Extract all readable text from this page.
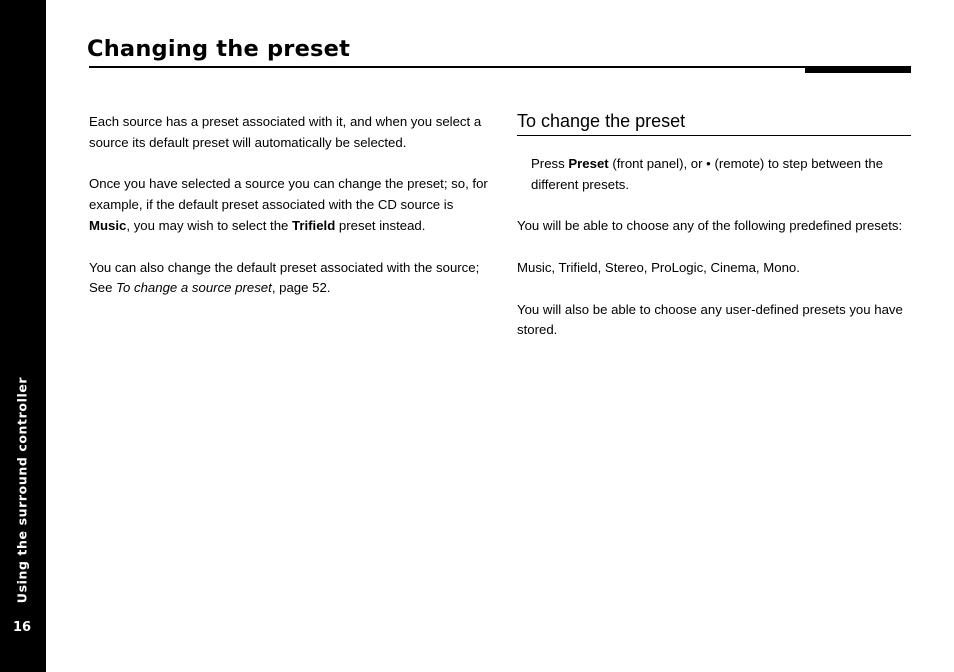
Using the surround controller
16
Changing the preset

Each source has a preset associated with it, and when you select a source its default preset will automatically be selected.

Once you have selected a source you can change the preset; so, for example, if the default preset associated with the CD source is Music, you may wish to select the Trifield preset instead.

You can also change the default preset associated with the source; See To change a source preset, page 52.

To change the preset

Press Preset (front panel), or • (remote) to step between the different presets.

You will be able to choose any of the following predefined presets:

Music, Trifield, Stereo, ProLogic, Cinema, Mono.

You will also be able to choose any user-defined presets you have stored.
